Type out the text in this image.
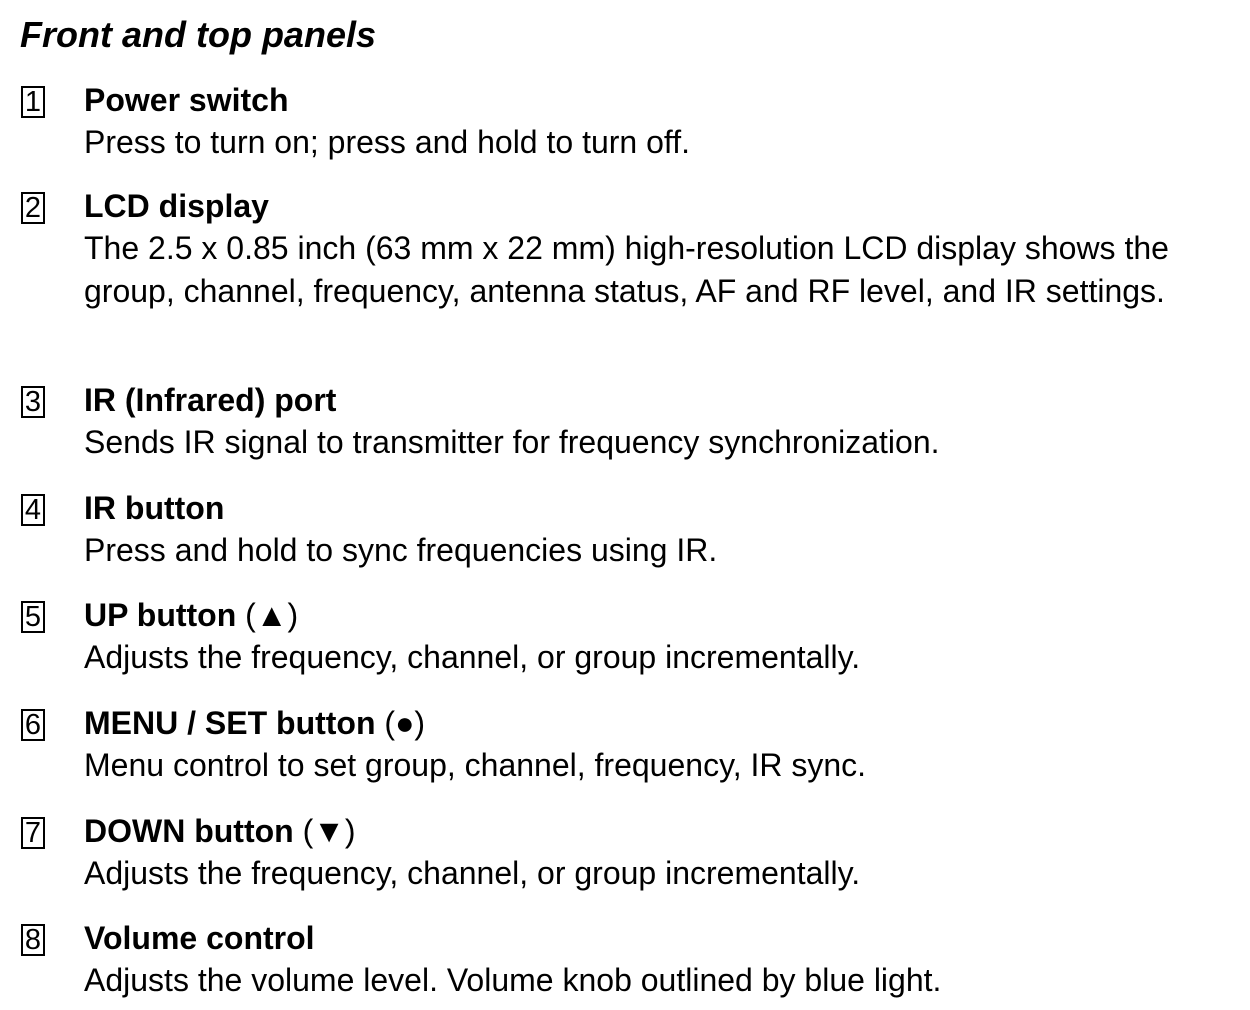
Front and top panels
1 Power switch
Press to turn on; press and hold to turn off.
2 LCD display
The 2.5 x 0.85 inch (63 mm x 22 mm) high-resolution LCD display shows the group, channel, frequency, antenna status, AF and RF level, and IR settings.
3 IR (Infrared) port
Sends IR signal to transmitter for frequency synchronization.
4 IR button
Press and hold to sync frequencies using IR.
5 UP button (▲)
Adjusts the frequency, channel, or group incrementally.
6 MENU / SET button (●)
Menu control to set group, channel, frequency, IR sync.
7 DOWN button (▼)
Adjusts the frequency, channel, or group incrementally.
8 Volume control
Adjusts the volume level. Volume knob outlined by blue light.
